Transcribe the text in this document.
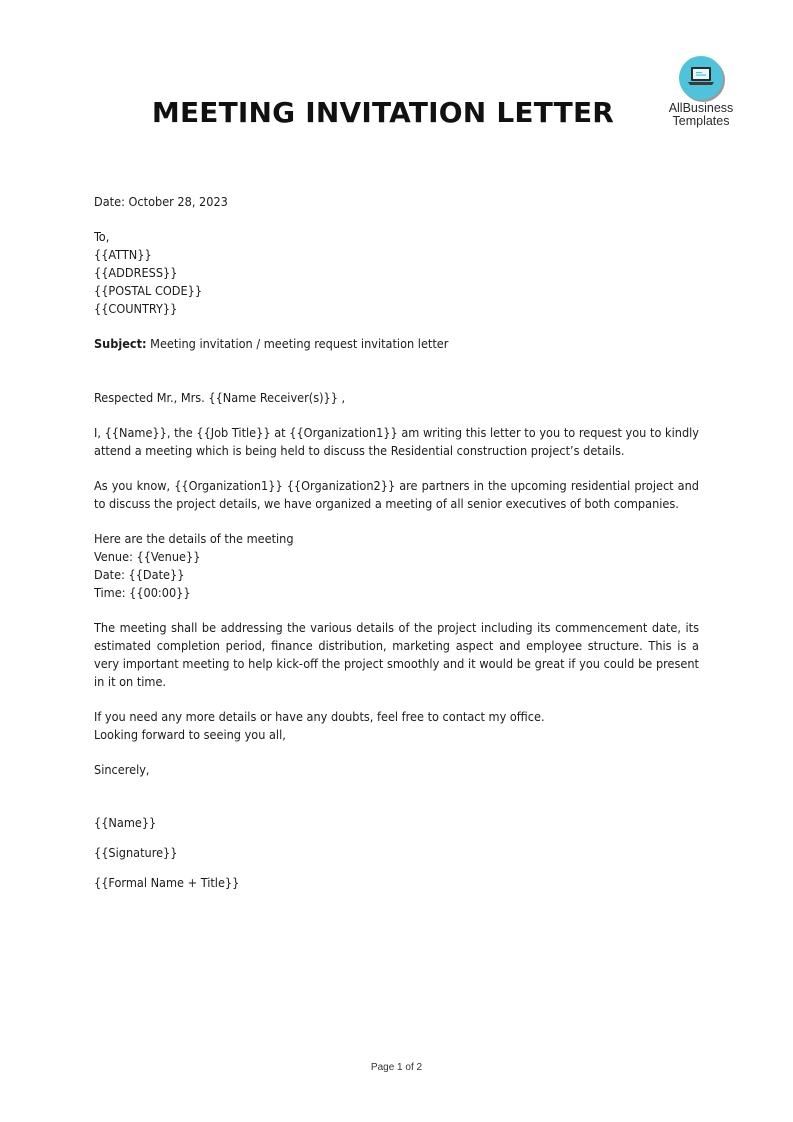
MEETING INVITATION LETTER	AllBusiness
Templates

Date: October 28, 2023

To,

{{ATTN}}

{{ADDRESS}}

{{POSTAL CODE}}

{{COUNTRY}}

Subject: Meeting invitation / meeting request invitation letter

Respected Mr., Mrs. {{Name Receiver(s)}} ,

I, {{Name}}, the {{Job Title}} at {{Organization1}} am writing this letter to you to request you to kindly attend a meeting which is being held to discuss the Residential construction project’s details.

As you know, {{Organization1}} {{Organization2}} are partners in the upcoming residential project and to discuss the project details, we have organized a meeting of all senior executives of both companies.

Here are the details of the meeting

Venue: {{Venue}}

Date: {{Date}}

Time: {{00:00}}

The meeting shall be addressing the various details of the project including its commencement date, its estimated completion period, finance distribution, marketing aspect and employee structure. This is a very important meeting to help kick-off the project smoothly and it would be great if you could be present in it on time.

If you need any more details or have any doubts, feel free to contact my office.

Looking forward to seeing you all,

Sincerely,

{{Name}}

{{Signature}}

{{Formal Name + Title}}

Page 1 of 2
